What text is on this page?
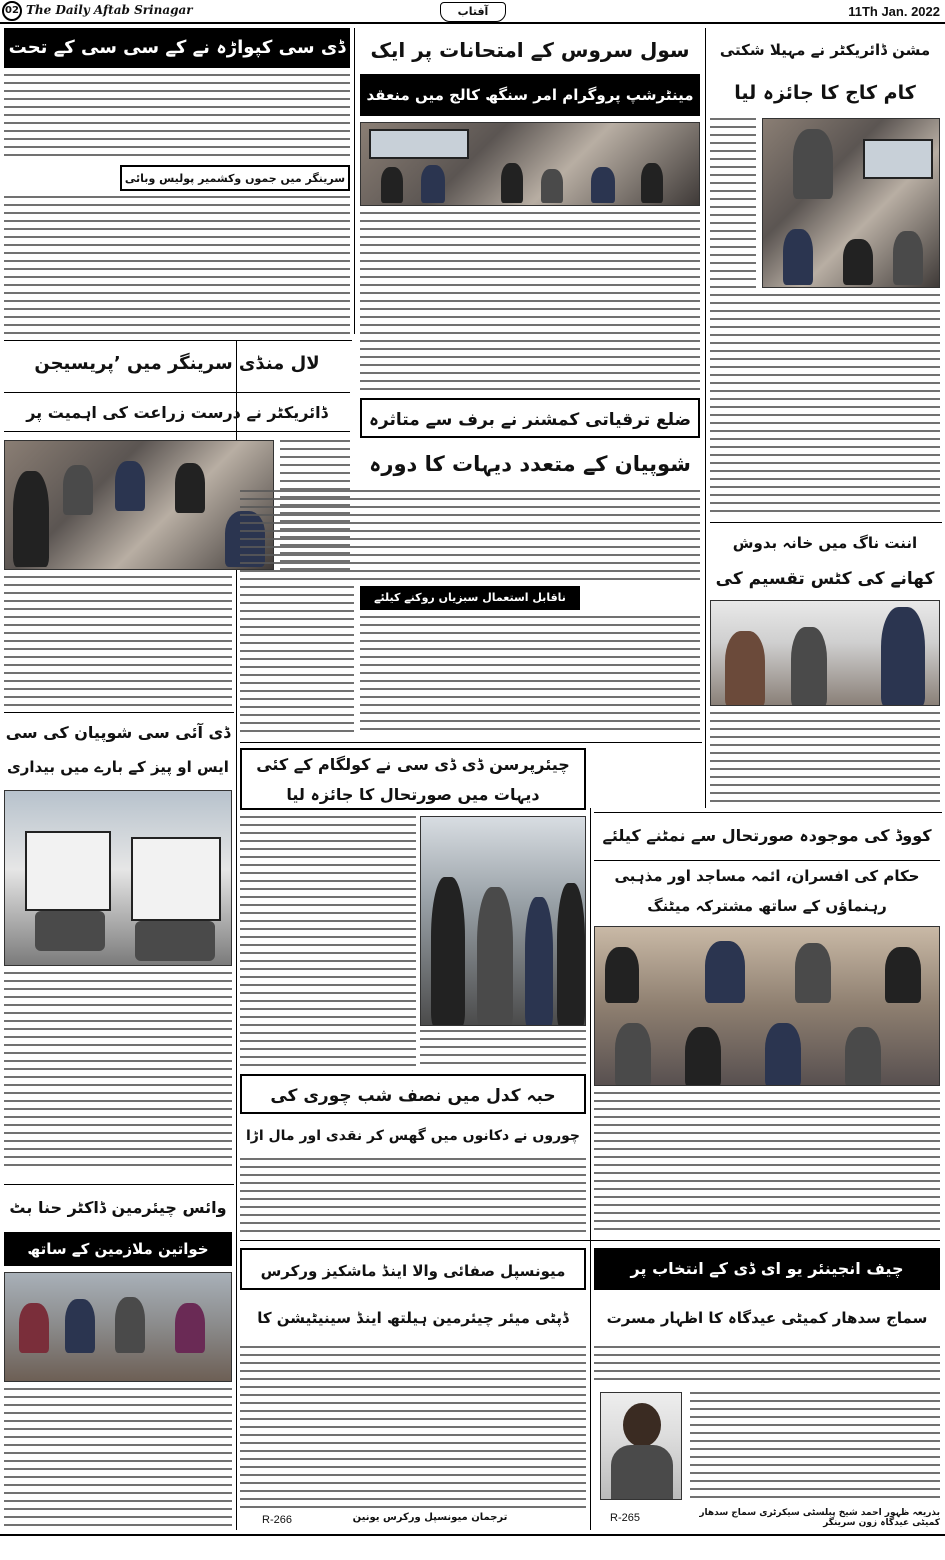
02 The Daily Aftab Srinagar	آفتاب	11Th Jan. 2022
ڈی سی کپواڑہ نے کے سی سی کے تحت
سرینگر میں جموں وکشمیر پولیس وبائی
سول سروس کے امتحانات پر ایک
مینٹرشپ پروگرام امر سنگھ کالج میں منعقد
مشن ڈائریکٹر نے مہیلا شکتی
کام کاج کا جائزہ لیا
لال منڈی سرینگر میں ’پریسیجن
ڈائریکٹر نے درست زراعت کی اہمیت پر	ضلع ترقیاتی کمشنر نے برف سے متاثرہ
شوپیان کے متعدد دیہات کا دورہ
ناقابل استعمال سبزیاں روکنے کیلئے
اننت ناگ میں خانہ بدوش
کھانے کی کٹس تقسیم کی
ڈی آئی سی شوپیان کی سی
ایس او پیز کے بارے میں بیداری	چیئرپرسن ڈی ڈی سی نے کولگام کے کئی دیہات میں صورتحال کا جائزہ لیا
کووڈ کی موجودہ صورتحال سے نمٹنے کیلئے
حکام کی افسران، ائمہ مساجد اور مذہبی رہنماؤں کے ساتھ مشترکہ میٹنگ
حبہ کدل میں نصف شب چوری کی
چوروں نے دکانوں میں گھس کر نقدی اور مال اڑا
وائس چیئرمین ڈاکٹر حنا بٹ
خواتین ملازمین کے ساتھ
میونسپل صفائی والا اینڈ ماشکیز ورکرس
ڈپٹی میئر چیئرمین ہیلتھ اینڈ سینیٹیشن کا
R-266	ترجمان میونسپل ورکرس یونین
چیف انجینئر یو ای ڈی کے انتخاب پر
سماج سدھار کمیٹی عیدگاہ کا اظہار مسرت
R-265	بذریعہ ظہور احمد شیخ پبلسٹی سیکرٹری سماج سدھار کمیٹی عیدگاہ زون سرینگر
